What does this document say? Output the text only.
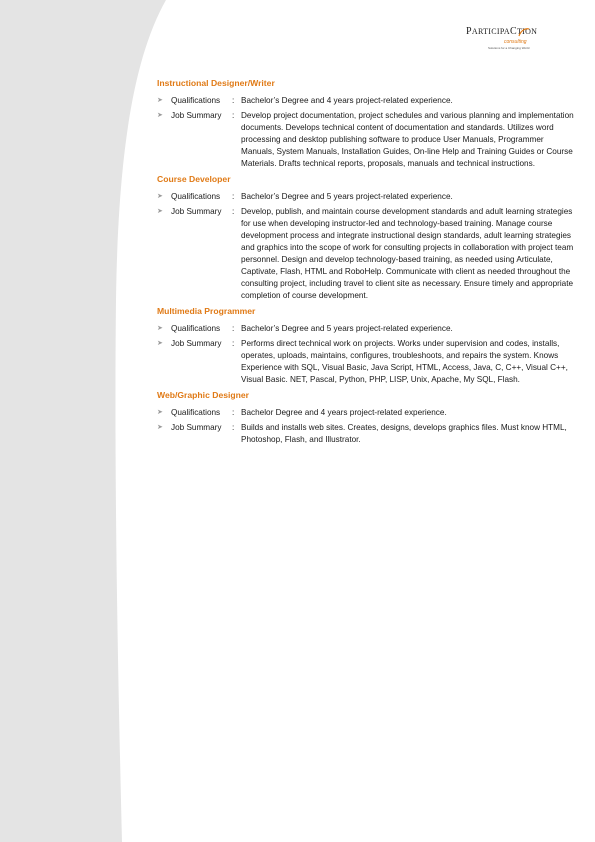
PARTICIPACTION
consulting
Solutions for a Changing World
Instructional Designer/Writer
➤ Qualifications : Bachelor’s Degree and 4 years project-related experience.
➤ Job Summary : Develop project documentation, project schedules and various planning and implementation documents. Develops technical content of documentation and standards. Utilizes word processing and desktop publishing software to produce User Manuals, Programmer Manuals, System Manuals, Installation Guides, On-line Help and Training Guides or Course Materials. Drafts technical reports, proposals, manuals and technical instructions.
Course Developer
➤ Qualifications : Bachelor’s Degree and 5 years project-related experience.
➤ Job Summary : Develop, publish, and maintain course development standards and adult learning strategies for use when developing instructor-led and technology-based training. Manage course development process and integrate instructional design standards, adult learning strategies and graphics into the scope of work for consulting projects in collaboration with project team personnel. Design and develop technology-based training, as needed using Articulate, Captivate, Flash, HTML and RoboHelp. Communicate with client as needed throughout the consulting project, including travel to client site as necessary. Ensure timely and appropriate completion of course development.
Multimedia Programmer
➤ Qualifications : Bachelor’s Degree and 5 years project-related experience.
➤ Job Summary : Performs direct technical work on projects. Works under supervision and codes, installs, operates, uploads, maintains, configures, troubleshoots, and repairs the system. Knows Experience with SQL, Visual Basic, Java Script, HTML, Access, Java, C, C++, Visual C++, Visual Basic. NET, Pascal, Python, PHP, LISP, Unix, Apache, My SQL, Flash.
Web/Graphic Designer
➤ Qualifications : Bachelor Degree and 4 years project-related experience.
➤ Job Summary : Builds and installs web sites. Creates, designs, develops graphics files. Must know HTML, Photoshop, Flash, and Illustrator.
